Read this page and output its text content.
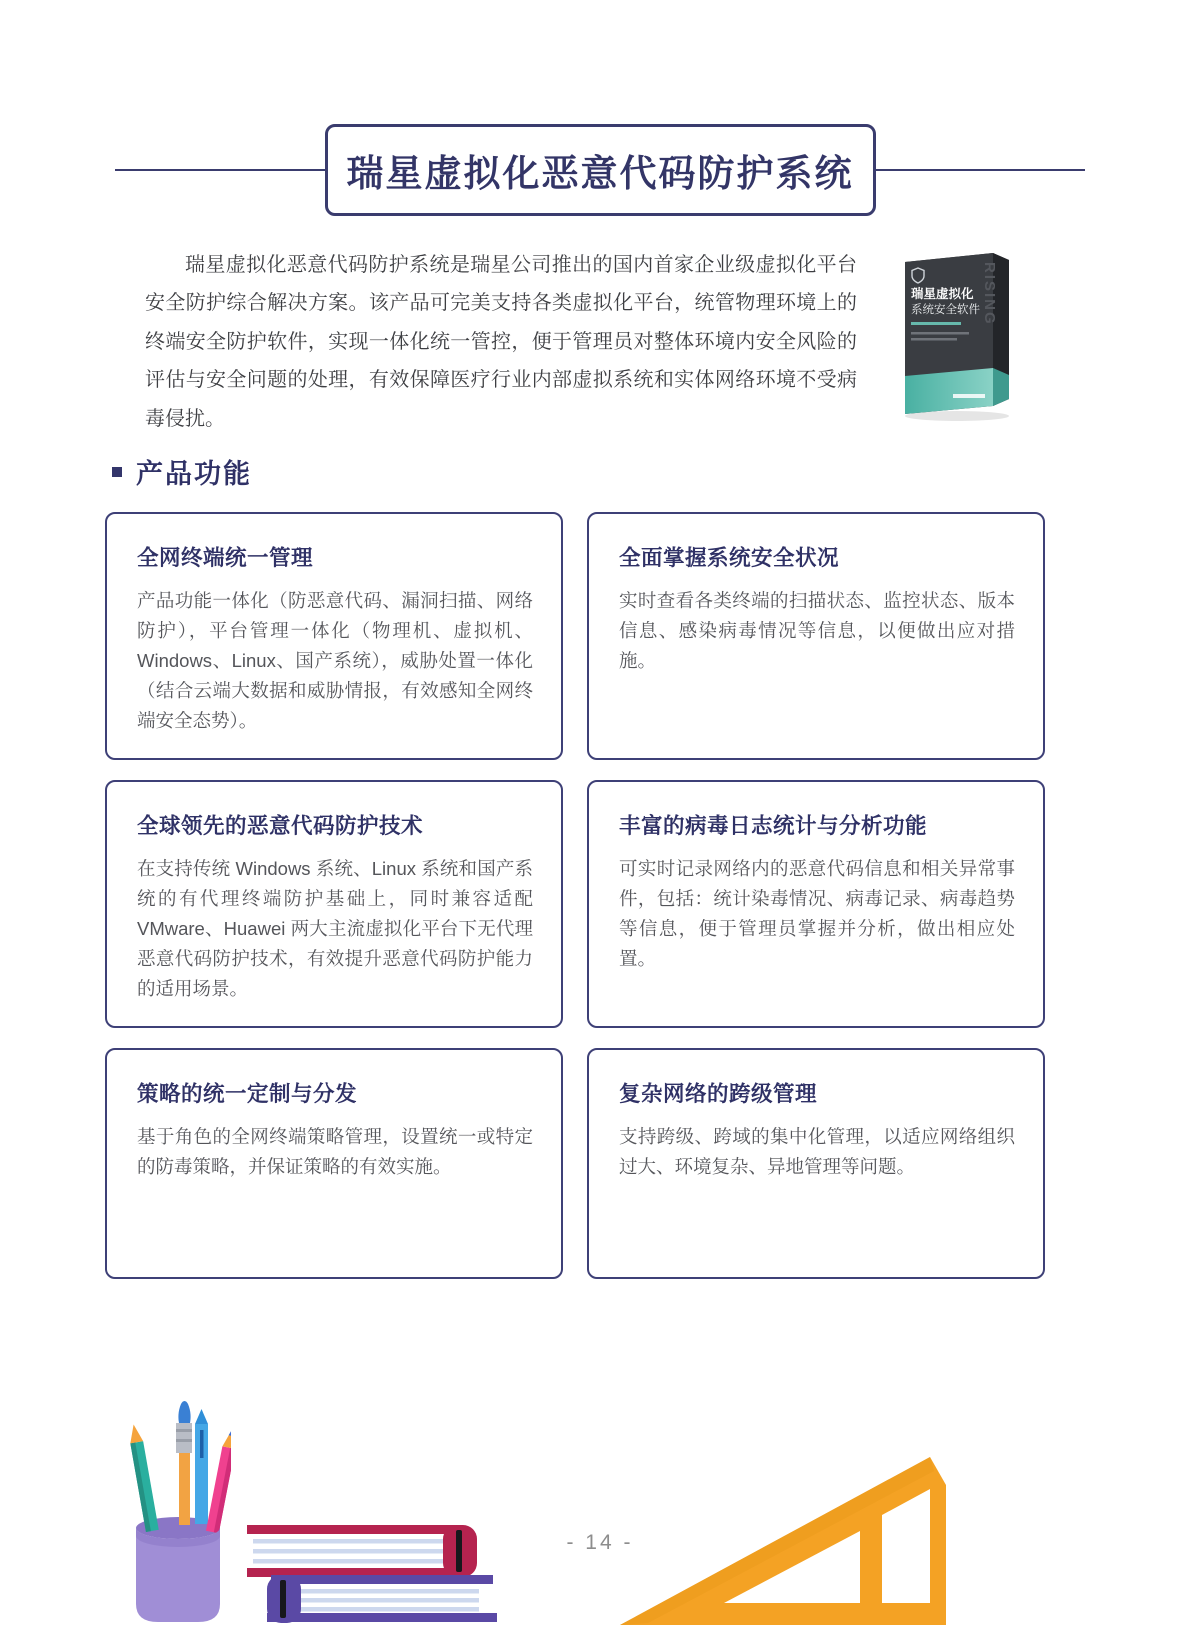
瑞星虚拟化恶意代码防护系统

瑞星虚拟化恶意代码防护系统是瑞星公司推出的国内首家企业级虚拟化平台安全防护综合解决方案。该产品可完美支持各类虚拟化平台，统管物理环境上的终端安全防护软件，实现一体化统一管控，便于管理员对整体环境内安全风险的评估与安全问题的处理，有效保障医疗行业内部虚拟系统和实体网络环境不受病毒侵扰。

RISING
瑞星虚拟化
系统安全软件
产品功能
全网终端统一管理

产品功能一体化（防恶意代码、漏洞扫描、网络防护），平台管理一体化（物理机、虚拟机、Windows、Linux、国产系统），威胁处置一体化（结合云端大数据和威胁情报，有效感知全网终端安全态势）。

全面掌握系统安全状况

实时查看各类终端的扫描状态、监控状态、版本信息、感染病毒情况等信息，以便做出应对措施。

全球领先的恶意代码防护技术

在支持传统 Windows 系统、Linux 系统和国产系统的有代理终端防护基础上，同时兼容适配 VMware、Huawei 两大主流虚拟化平台下无代理恶意代码防护技术，有效提升恶意代码防护能力的适用场景。

丰富的病毒日志统计与分析功能

可实时记录网络内的恶意代码信息和相关异常事件，包括：统计染毒情况、病毒记录、病毒趋势等信息，便于管理员掌握并分析，做出相应处置。

策略的统一定制与分发

基于角色的全网终端策略管理，设置统一或特定的防毒策略，并保证策略的有效实施。

复杂网络的跨级管理

支持跨级、跨域的集中化管理，以适应网络组织过大、环境复杂、异地管理等问题。

- 14 -
